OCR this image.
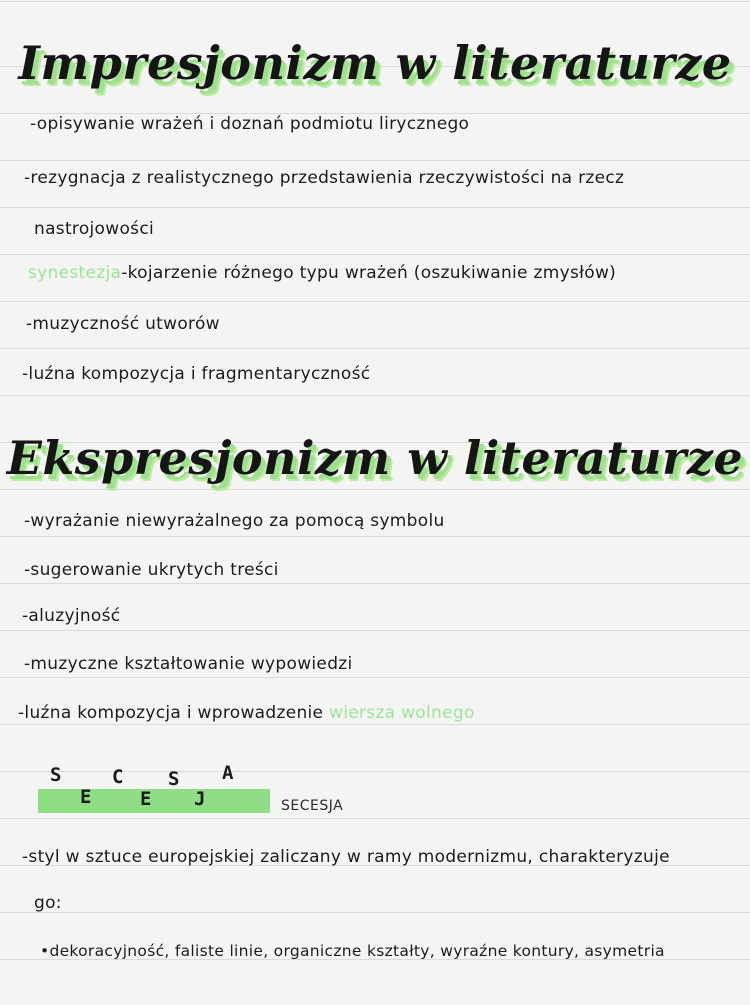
Impresjonizm w literaturze
-opisywanie wrażeń i doznań podmiotu lirycznego
-rezygnacja z realistycznego przedstawienia rzeczywistości na rzecz
nastrojowości
synestezja-kojarzenie różnego typu wrażeń (oszukiwanie zmysłów)
-muzyczność utworów
-luźna kompozycja i fragmentaryczność
Ekspresjonizm w literaturze
-wyrażanie niewyrażalnego za pomocą symbolu
-sugerowanie ukrytych treści
-aluzyjność
-muzyczne kształtowanie wypowiedzi
-luźna kompozycja i wprowadzenie wiersza wolnego
S
E
C
E
S
J
A
SECESJA
-styl w sztuce europejskiej zaliczany w ramy modernizmu, charakteryzuje
go:
•dekoracyjność, faliste linie, organiczne kształty, wyraźne kontury, asymetria
